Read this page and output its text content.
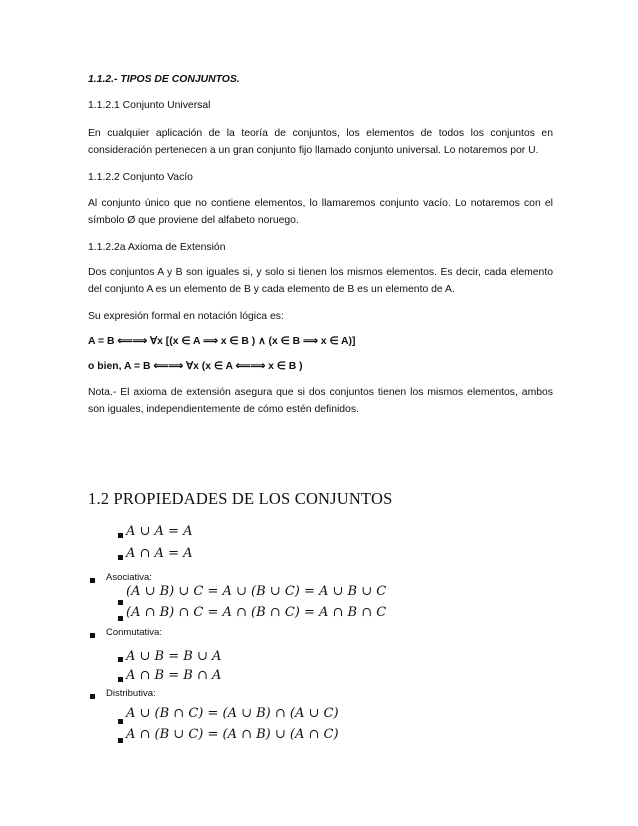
1.1.2.- TIPOS DE CONJUNTOS.

1.1.2.1 Conjunto Universal

En cualquier aplicación de la teoría de conjuntos, los elementos de todos los conjuntos en consideración pertenecen a un gran conjunto fijo llamado conjunto universal. Lo notaremos por U.

1.1.2.2 Conjunto Vacío

Al conjunto único que no contiene elementos, lo llamaremos conjunto vacío. Lo notaremos con el símbolo Ø que proviene del alfabeto noruego.

1.1.2.2a Axioma de Extensión

Dos conjuntos A y B son iguales si, y solo si tienen los mismos elementos. Es decir, cada elemento del conjunto A es un elemento de B y cada elemento de B es un elemento de A.

Su expresión formal en notación lógica es:

A = B ⟸⟹ ∀x [(x ∈ A ⟹ x ∈ B ) ∧ (x ∈ B ⟹ x ∈ A)]

o bien, A = B ⟸⟹ ∀x (x ∈ A ⟸⟹ x ∈ B )

Nota.- El axioma de extensión asegura que si dos conjuntos tienen los mismos elementos, ambos son iguales, independientemente de cómo estén definidos.

1.2 PROPIEDADES DE LOS CONJUNTOS
A ∪ A = A
A ∩ A = A

Asociativa:

(A ∪ B) ∪ C = A ∪ (B ∪ C) = A ∪ B ∪ C
(A ∩ B) ∩ C = A ∩ (B ∩ C) = A ∩ B ∩ C

Conmutativa:

A ∪ B = B ∪ A
A ∩ B = B ∩ A

Distributiva:

A ∪ (B ∩ C) = (A ∪ B) ∩ (A ∪ C)
A ∩ (B ∪ C) = (A ∩ B) ∪ (A ∩ C)
